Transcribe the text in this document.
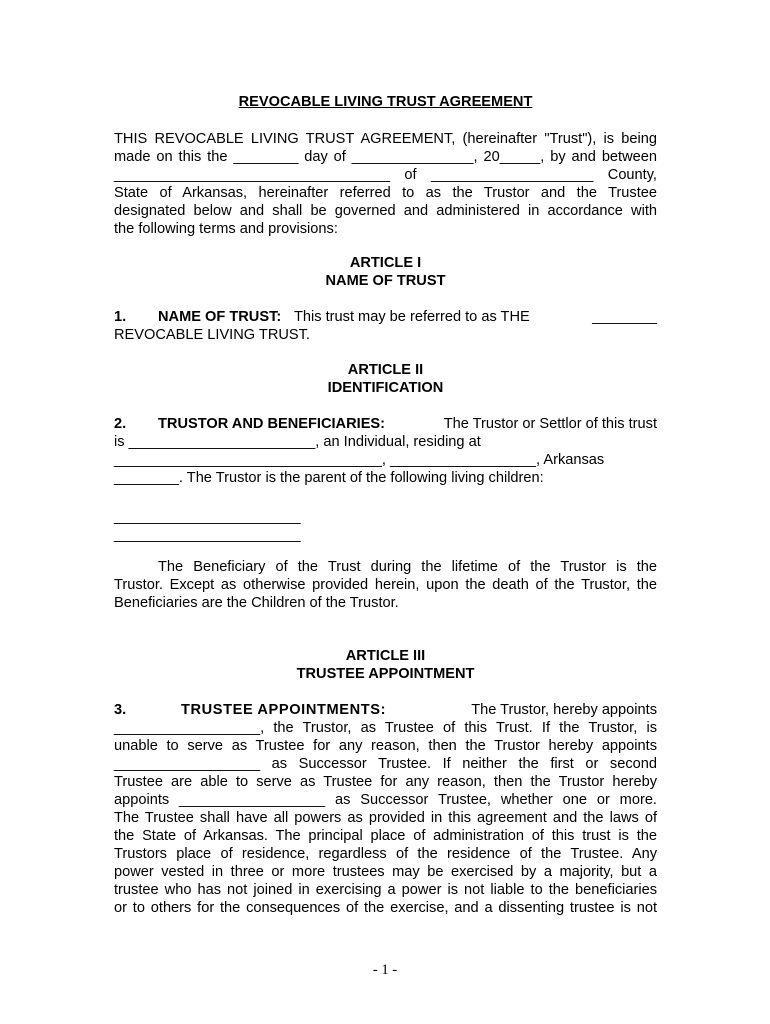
REVOCABLE LIVING TRUST AGREEMENT
THIS REVOCABLE LIVING TRUST AGREEMENT, (hereinafter "Trust"), is being
made on this the ________ day of _______________, 20_____, by and between
__________________________________ of ____________________ County,
State of Arkansas, hereinafter referred to as the Trustor and the Trustee
designated below and shall be governed and administered in accordance with
the following terms and provisions:
ARTICLE I
NAME OF TRUST
1. NAME OF TRUST: This trust may be referred to as THE	________
REVOCABLE LIVING TRUST.
ARTICLE II
IDENTIFICATION
2. TRUSTOR AND BENEFICIARIES:	The Trustor or Settlor of this trust
is _______________________, an Individual, residing at
_________________________________, __________________, Arkansas
________. The Trustor is the parent of the following living children:
_______________________
_______________________
The Beneficiary of the Trust during the lifetime of the Trustor is the
Trustor. Except as otherwise provided herein, upon the death of the Trustor, the
Beneficiaries are the Children of the Trustor.
ARTICLE III
TRUSTEE APPOINTMENT
3.	TRUSTEE APPOINTMENTS:	The Trustor, hereby appoints
__________________, the Trustor, as Trustee of this Trust. If the Trustor, is
unable to serve as Trustee for any reason, then the Trustor hereby appoints
__________________ as Successor Trustee. If neither the first or second
Trustee are able to serve as Trustee for any reason, then the Trustor hereby
appoints __________________ as Successor Trustee, whether one or more.
The Trustee shall have all powers as provided in this agreement and the laws of
the State of Arkansas. The principal place of administration of this trust is the
Trustors place of residence, regardless of the residence of the Trustee. Any
power vested in three or more trustees may be exercised by a majority, but a
trustee who has not joined in exercising a power is not liable to the beneficiaries
or to others for the consequences of the exercise, and a dissenting trustee is not
- 1 -
